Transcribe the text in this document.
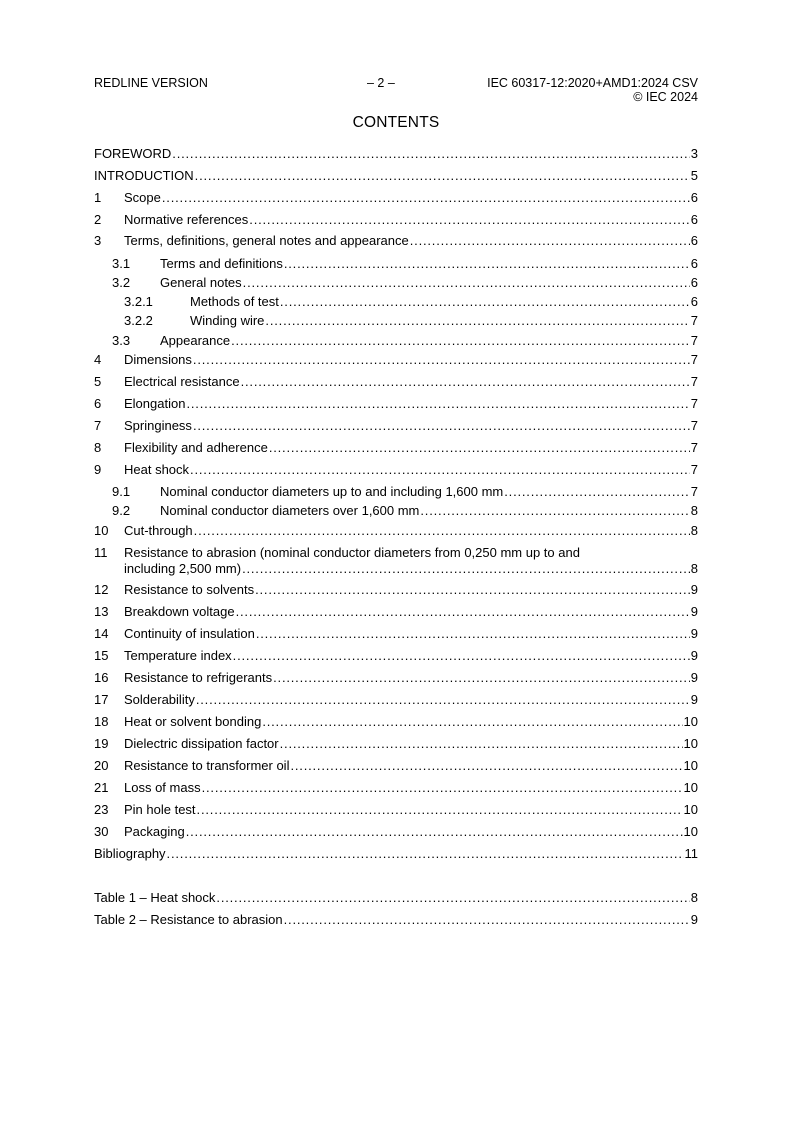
REDLINE VERSION	– 2 –	IEC 60317-12:2020+AMD1:2024 CSV
© IEC 2024
CONTENTS
FOREWORD .....	3
INTRODUCTION .....	5
1	Scope .....	6
2	Normative references .....	6
3	Terms, definitions, general notes and appearance .....	6
3.1	Terms and definitions .....	6
3.2	General notes .....	6
3.2.1	Methods of test .....	6
3.2.2	Winding wire .....	7
3.3	Appearance .....	7
4	Dimensions .....	7
5	Electrical resistance .....	7
6	Elongation .....	7
7	Springiness .....	7
8	Flexibility and adherence .....	7
9	Heat shock .....	7
9.1	Nominal conductor diameters up to and including 1,600 mm .....	7
9.2	Nominal conductor diameters over 1,600 mm .....	8
10	Cut-through .....	8
11	Resistance to abrasion (nominal conductor diameters from 0,250 mm up to and
including 2,500 mm) .....	8
12	Resistance to solvents .....	9
13	Breakdown voltage .....	9
14	Continuity of insulation .....	9
15	Temperature index .....	9
16	Resistance to refrigerants .....	9
17	Solderability .....	9
18	Heat or solvent bonding .....	10
19	Dielectric dissipation factor .....	10
20	Resistance to transformer oil .....	10
21	Loss of mass .....	10
23	Pin hole test .....	10
30	Packaging .....	10
Bibliography .....	11
Table 1 – Heat shock .....	8
Table 2 – Resistance to abrasion .....	9
